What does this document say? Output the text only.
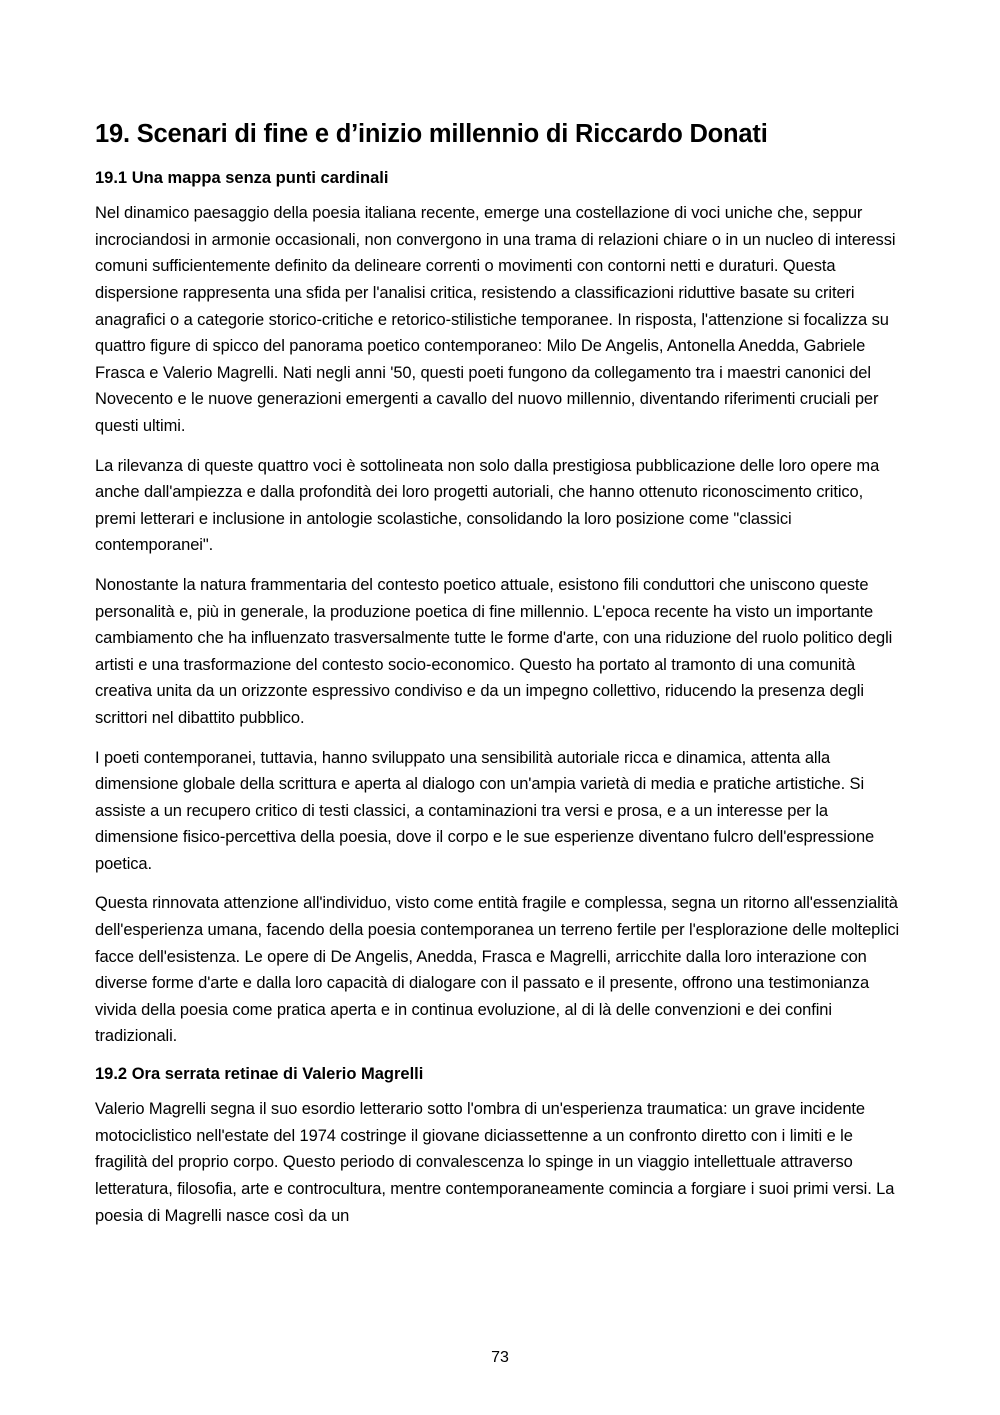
19. Scenari di fine e d’inizio millennio di Riccardo Donati
19.1 Una mappa senza punti cardinali

Nel dinamico paesaggio della poesia italiana recente, emerge una costellazione di voci uniche che, seppur incrociandosi in armonie occasionali, non convergono in una trama di relazioni chiare o in un nucleo di interessi comuni sufficientemente definito da delineare correnti o movimenti con contorni netti e duraturi. Questa dispersione rappresenta una sfida per l'analisi critica, resistendo a classificazioni riduttive basate su criteri anagrafici o a categorie storico-critiche e retorico-stilistiche temporanee. In risposta, l'attenzione si focalizza su quattro figure di spicco del panorama poetico contemporaneo: Milo De Angelis, Antonella Anedda, Gabriele Frasca e Valerio Magrelli. Nati negli anni '50, questi poeti fungono da collegamento tra i maestri canonici del Novecento e le nuove generazioni emergenti a cavallo del nuovo millennio, diventando riferimenti cruciali per questi ultimi.

La rilevanza di queste quattro voci è sottolineata non solo dalla prestigiosa pubblicazione delle loro opere ma anche dall'ampiezza e dalla profondità dei loro progetti autoriali, che hanno ottenuto riconoscimento critico, premi letterari e inclusione in antologie scolastiche, consolidando la loro posizione come "classici contemporanei".

Nonostante la natura frammentaria del contesto poetico attuale, esistono fili conduttori che uniscono queste personalità e, più in generale, la produzione poetica di fine millennio. L'epoca recente ha visto un importante cambiamento che ha influenzato trasversalmente tutte le forme d'arte, con una riduzione del ruolo politico degli artisti e una trasformazione del contesto socio-economico. Questo ha portato al tramonto di una comunità creativa unita da un orizzonte espressivo condiviso e da un impegno collettivo, riducendo la presenza degli scrittori nel dibattito pubblico.

I poeti contemporanei, tuttavia, hanno sviluppato una sensibilità autoriale ricca e dinamica, attenta alla dimensione globale della scrittura e aperta al dialogo con un'ampia varietà di media e pratiche artistiche. Si assiste a un recupero critico di testi classici, a contaminazioni tra versi e prosa, e a un interesse per la dimensione fisico-percettiva della poesia, dove il corpo e le sue esperienze diventano fulcro dell'espressione poetica.

Questa rinnovata attenzione all'individuo, visto come entità fragile e complessa, segna un ritorno all'essenzialità dell'esperienza umana, facendo della poesia contemporanea un terreno fertile per l'esplorazione delle molteplici facce dell'esistenza. Le opere di De Angelis, Anedda, Frasca e Magrelli, arricchite dalla loro interazione con diverse forme d'arte e dalla loro capacità di dialogare con il passato e il presente, offrono una testimonianza vivida della poesia come pratica aperta e in continua evoluzione, al di là delle convenzioni e dei confini tradizionali.

19.2 Ora serrata retinae di Valerio Magrelli

Valerio Magrelli segna il suo esordio letterario sotto l'ombra di un'esperienza traumatica: un grave incidente motociclistico nell'estate del 1974 costringe il giovane diciassettenne a un confronto diretto con i limiti e le fragilità del proprio corpo. Questo periodo di convalescenza lo spinge in un viaggio intellettuale attraverso letteratura, filosofia, arte e controcultura, mentre contemporaneamente comincia a forgiare i suoi primi versi. La poesia di Magrelli nasce così da un

73
